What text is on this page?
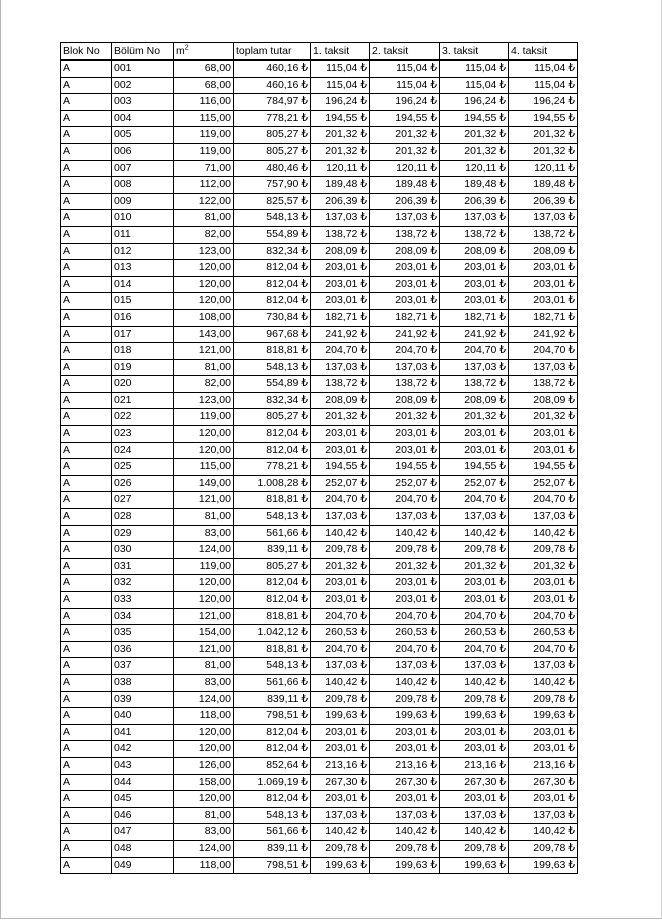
Blok No	Bölüm No	$m^2$	toplam tutar	1. taksit	2. taksit	3. taksit	4. taksit
A	001	68,00	460,16 ₺	115,04 ₺	115,04 ₺	115,04 ₺	115,04 ₺
A	002	68,00	460,16 ₺	115,04 ₺	115,04 ₺	115,04 ₺	115,04 ₺
A	003	116,00	784,97 ₺	196,24 ₺	196,24 ₺	196,24 ₺	196,24 ₺
A	004	115,00	778,21 ₺	194,55 ₺	194,55 ₺	194,55 ₺	194,55 ₺
A	005	119,00	805,27 ₺	201,32 ₺	201,32 ₺	201,32 ₺	201,32 ₺
A	006	119,00	805,27 ₺	201,32 ₺	201,32 ₺	201,32 ₺	201,32 ₺
A	007	71,00	480,46 ₺	120,11 ₺	120,11 ₺	120,11 ₺	120,11 ₺
A	008	112,00	757,90 ₺	189,48 ₺	189,48 ₺	189,48 ₺	189,48 ₺
A	009	122,00	825,57 ₺	206,39 ₺	206,39 ₺	206,39 ₺	206,39 ₺
A	010	81,00	548,13 ₺	137,03 ₺	137,03 ₺	137,03 ₺	137,03 ₺
A	011	82,00	554,89 ₺	138,72 ₺	138,72 ₺	138,72 ₺	138,72 ₺
A	012	123,00	832,34 ₺	208,09 ₺	208,09 ₺	208,09 ₺	208,09 ₺
A	013	120,00	812,04 ₺	203,01 ₺	203,01 ₺	203,01 ₺	203,01 ₺
A	014	120,00	812,04 ₺	203,01 ₺	203,01 ₺	203,01 ₺	203,01 ₺
A	015	120,00	812,04 ₺	203,01 ₺	203,01 ₺	203,01 ₺	203,01 ₺
A	016	108,00	730,84 ₺	182,71 ₺	182,71 ₺	182,71 ₺	182,71 ₺
A	017	143,00	967,68 ₺	241,92 ₺	241,92 ₺	241,92 ₺	241,92 ₺
A	018	121,00	818,81 ₺	204,70 ₺	204,70 ₺	204,70 ₺	204,70 ₺
A	019	81,00	548,13 ₺	137,03 ₺	137,03 ₺	137,03 ₺	137,03 ₺
A	020	82,00	554,89 ₺	138,72 ₺	138,72 ₺	138,72 ₺	138,72 ₺
A	021	123,00	832,34 ₺	208,09 ₺	208,09 ₺	208,09 ₺	208,09 ₺
A	022	119,00	805,27 ₺	201,32 ₺	201,32 ₺	201,32 ₺	201,32 ₺
A	023	120,00	812,04 ₺	203,01 ₺	203,01 ₺	203,01 ₺	203,01 ₺
A	024	120,00	812,04 ₺	203,01 ₺	203,01 ₺	203,01 ₺	203,01 ₺
A	025	115,00	778,21 ₺	194,55 ₺	194,55 ₺	194,55 ₺	194,55 ₺
A	026	149,00	1.008,28 ₺	252,07 ₺	252,07 ₺	252,07 ₺	252,07 ₺
A	027	121,00	818,81 ₺	204,70 ₺	204,70 ₺	204,70 ₺	204,70 ₺
A	028	81,00	548,13 ₺	137,03 ₺	137,03 ₺	137,03 ₺	137,03 ₺
A	029	83,00	561,66 ₺	140,42 ₺	140,42 ₺	140,42 ₺	140,42 ₺
A	030	124,00	839,11 ₺	209,78 ₺	209,78 ₺	209,78 ₺	209,78 ₺
A	031	119,00	805,27 ₺	201,32 ₺	201,32 ₺	201,32 ₺	201,32 ₺
A	032	120,00	812,04 ₺	203,01 ₺	203,01 ₺	203,01 ₺	203,01 ₺
A	033	120,00	812,04 ₺	203,01 ₺	203,01 ₺	203,01 ₺	203,01 ₺
A	034	121,00	818,81 ₺	204,70 ₺	204,70 ₺	204,70 ₺	204,70 ₺
A	035	154,00	1.042,12 ₺	260,53 ₺	260,53 ₺	260,53 ₺	260,53 ₺
A	036	121,00	818,81 ₺	204,70 ₺	204,70 ₺	204,70 ₺	204,70 ₺
A	037	81,00	548,13 ₺	137,03 ₺	137,03 ₺	137,03 ₺	137,03 ₺
A	038	83,00	561,66 ₺	140,42 ₺	140,42 ₺	140,42 ₺	140,42 ₺
A	039	124,00	839,11 ₺	209,78 ₺	209,78 ₺	209,78 ₺	209,78 ₺
A	040	118,00	798,51 ₺	199,63 ₺	199,63 ₺	199,63 ₺	199,63 ₺
A	041	120,00	812,04 ₺	203,01 ₺	203,01 ₺	203,01 ₺	203,01 ₺
A	042	120,00	812,04 ₺	203,01 ₺	203,01 ₺	203,01 ₺	203,01 ₺
A	043	126,00	852,64 ₺	213,16 ₺	213,16 ₺	213,16 ₺	213,16 ₺
A	044	158,00	1.069,19 ₺	267,30 ₺	267,30 ₺	267,30 ₺	267,30 ₺
A	045	120,00	812,04 ₺	203,01 ₺	203,01 ₺	203,01 ₺	203,01 ₺
A	046	81,00	548,13 ₺	137,03 ₺	137,03 ₺	137,03 ₺	137,03 ₺
A	047	83,00	561,66 ₺	140,42 ₺	140,42 ₺	140,42 ₺	140,42 ₺
A	048	124,00	839,11 ₺	209,78 ₺	209,78 ₺	209,78 ₺	209,78 ₺
A	049	118,00	798,51 ₺	199,63 ₺	199,63 ₺	199,63 ₺	199,63 ₺
